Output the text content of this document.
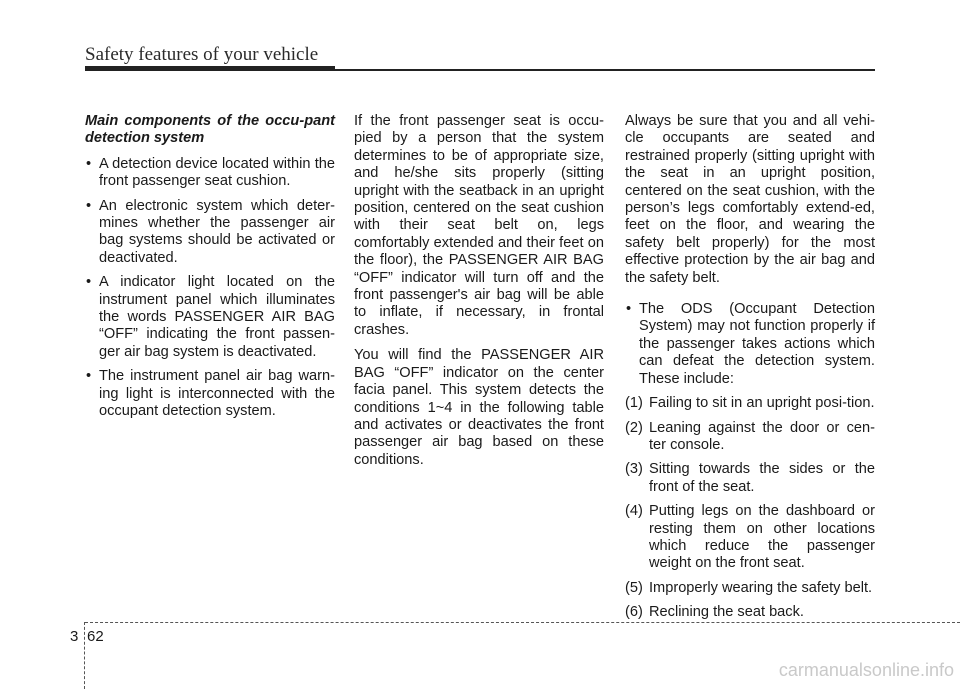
Safety features of your vehicle

Main components of the occu-pant detection system

• A detection device located within the front passenger seat cushion.
• An electronic system which deter-mines whether the passenger air bag systems should be activated or deactivated.
• A indicator light located on the instrument panel which illuminates the words PASSENGER AIR BAG “OFF” indicating the front passen-ger air bag system is deactivated.
• The instrument panel air bag warn-ing light is interconnected with the occupant detection system.

If the front passenger seat is occu-pied by a person that the system determines to be of appropriate size, and he/she sits properly (sitting upright with the seatback in an upright position, centered on the seat cushion with their seat belt on, legs comfortably extended and their feet on the floor), the PASSENGER AIR BAG “OFF” indicator will turn off and the front passenger's air bag will be able to inflate, if necessary, in frontal crashes.

You will find the PASSENGER AIR BAG “OFF” indicator on the center facia panel. This system detects the conditions 1~4 in the following table and activates or deactivates the front passenger air bag based on these conditions.

Always be sure that you and all vehi-cle occupants are seated and restrained properly (sitting upright with the seat in an upright position, centered on the seat cushion, with the person’s legs comfortably extend-ed, feet on the floor, and wearing the safety belt properly) for the most effective protection by the air bag and the safety belt.

• The ODS (Occupant Detection System) may not function properly if the passenger takes actions which can defeat the detection system. These include:
(1) Failing to sit in an upright posi-tion.
(2) Leaning against the door or cen-ter console.
(3) Sitting towards the sides or the front of the seat.
(4) Putting legs on the dashboard or resting them on other locations which reduce the passenger weight on the front seat.
(5) Improperly wearing the safety belt.
(6) Reclining the seat back.
3 62
carmanualsonline.info
